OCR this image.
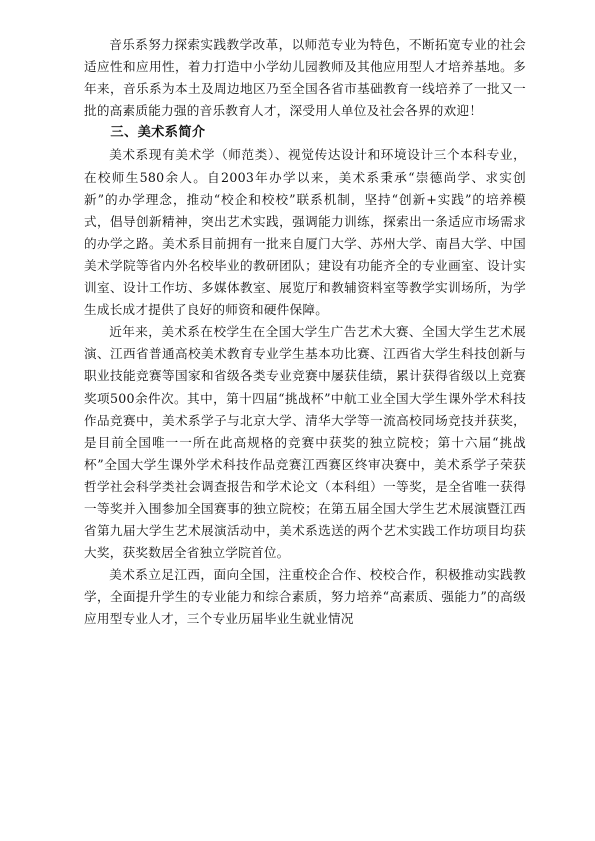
音乐系努力探索实践教学改革，以师范专业为特色，不断拓宽专业的社会适应性和应用性，着力打造中小学幼儿园教师及其他应用型人才培养基地。多年来，音乐系为本土及周边地区乃至全国各省市基础教育一线培养了一批又一批的高素质能力强的音乐教育人才，深受用人单位及社会各界的欢迎！

三、美术系简介

美术系现有美术学（师范类）、视觉传达设计和环境设计三个本科专业，在校师生580余人。自2003年办学以来，美术系秉承“崇德尚学、求实创新”的办学理念，推动“校企和校校”联系机制，坚持“创新+实践”的培养模式，倡导创新精神，突出艺术实践，强调能力训练，探索出一条适应市场需求的办学之路。美术系目前拥有一批来自厦门大学、苏州大学、南昌大学、中国美术学院等省内外名校毕业的教研团队；建设有功能齐全的专业画室、设计实训室、设计工作坊、多媒体教室、展览厅和教辅资料室等教学实训场所，为学生成长成才提供了良好的师资和硬件保障。

近年来，美术系在校学生在全国大学生广告艺术大赛、全国大学生艺术展演、江西省普通高校美术教育专业学生基本功比赛、江西省大学生科技创新与职业技能竞赛等国家和省级各类专业竞赛中屡获佳绩，累计获得省级以上竞赛奖项500余件次。其中，第十四届“挑战杯”中航工业全国大学生课外学术科技作品竞赛中，美术系学子与北京大学、清华大学等一流高校同场竞技并获奖，是目前全国唯一一所在此高规格的竞赛中获奖的独立院校；第十六届“挑战杯”全国大学生课外学术科技作品竞赛江西赛区终审决赛中，美术系学子荣获哲学社会科学类社会调查报告和学术论文（本科组）一等奖，是全省唯一获得一等奖并入围参加全国赛事的独立院校；在第五届全国大学生艺术展演暨江西省第九届大学生艺术展演活动中，美术系选送的两个艺术实践工作坊项目均获大奖，获奖数居全省独立学院首位。

美术系立足江西，面向全国，注重校企合作、校校合作，积极推动实践教学，全面提升学生的专业能力和综合素质，努力培养“高素质、强能力”的高级应用型专业人才，三个专业历届毕业生就业情况
